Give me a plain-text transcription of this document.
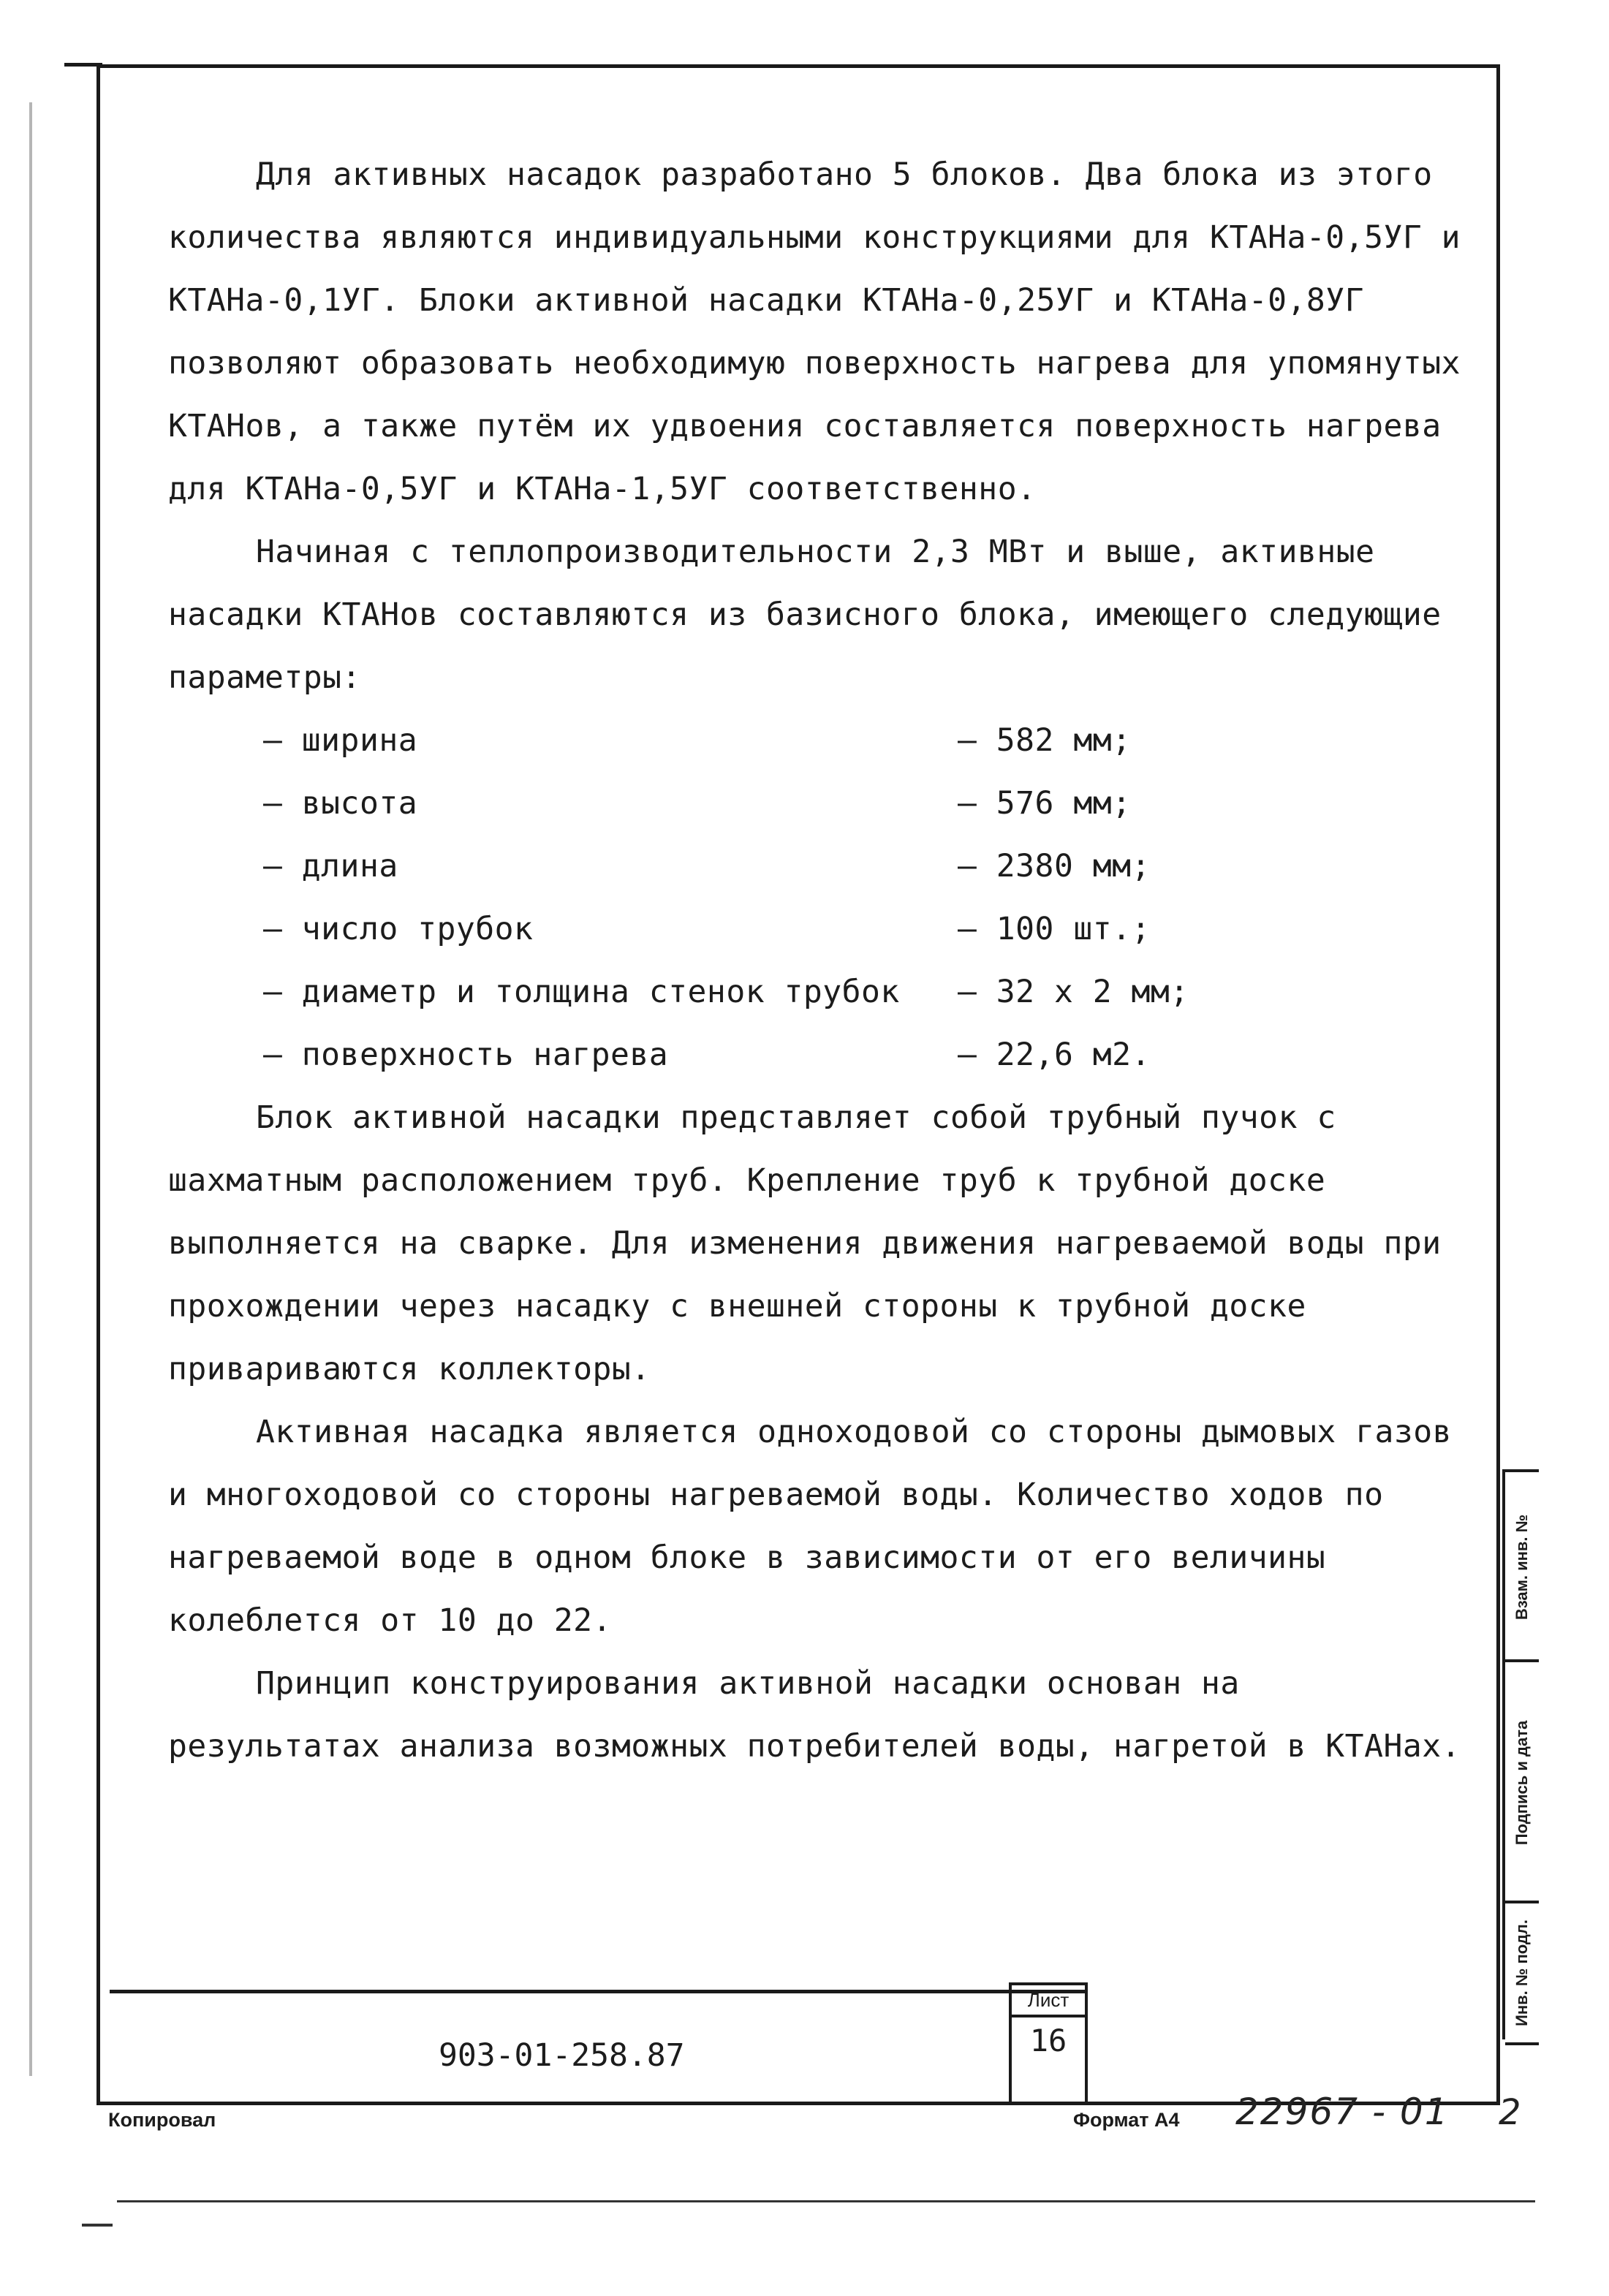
Для активных насадок разработано 5 блоков. Два блока из этого количества являются индивидуальными конструкциями для КТАНа-0,5УГ и КТАНа-0,1УГ. Блоки активной насадки КТАНа-0,25УГ и КТАНа-0,8УГ позволяют образовать необходимую поверхность нагрева для упомянутых КТАНов, а также путём их удвоения составляется поверхность нагрева для КТАНа-0,5УГ и КТАНа-1,5УГ соответственно.

Начиная с теплопроизводительности 2,3 МВт и выше, активные насадки КТАНов составляются из базисного блока, имеющего следующие параметры:

– ширина	– 582 мм;
– высота	– 576 мм;
– длина	– 2380 мм;
– число трубок	– 100 шт.;
– диаметр и толщина стенок трубок	– 32 х 2 мм;
– поверхность нагрева	– 22,6 м2.

Блок активной насадки представляет собой трубный пучок с шахматным расположением труб. Крепление труб к трубной доске выполняется на сварке. Для изменения движения нагреваемой воды при прохождении через насадку с внешней стороны к трубной доске привариваются коллекторы.

Активная насадка является одноходовой со стороны дымовых газов и многоходовой со стороны нагреваемой воды. Количество ходов по нагреваемой воде в одном блоке в зависимости от его величины колеблется от 10 до 22.

Принцип конструирования активной насадки основан на результатах анализа возможных потребителей воды, нагретой в КТАНах.

903-01-258.87
Лист
16
Взам. инв. №
Подпись и дата
Инв. № подл.
Копировал	Формат А4 22967 - 01 2
